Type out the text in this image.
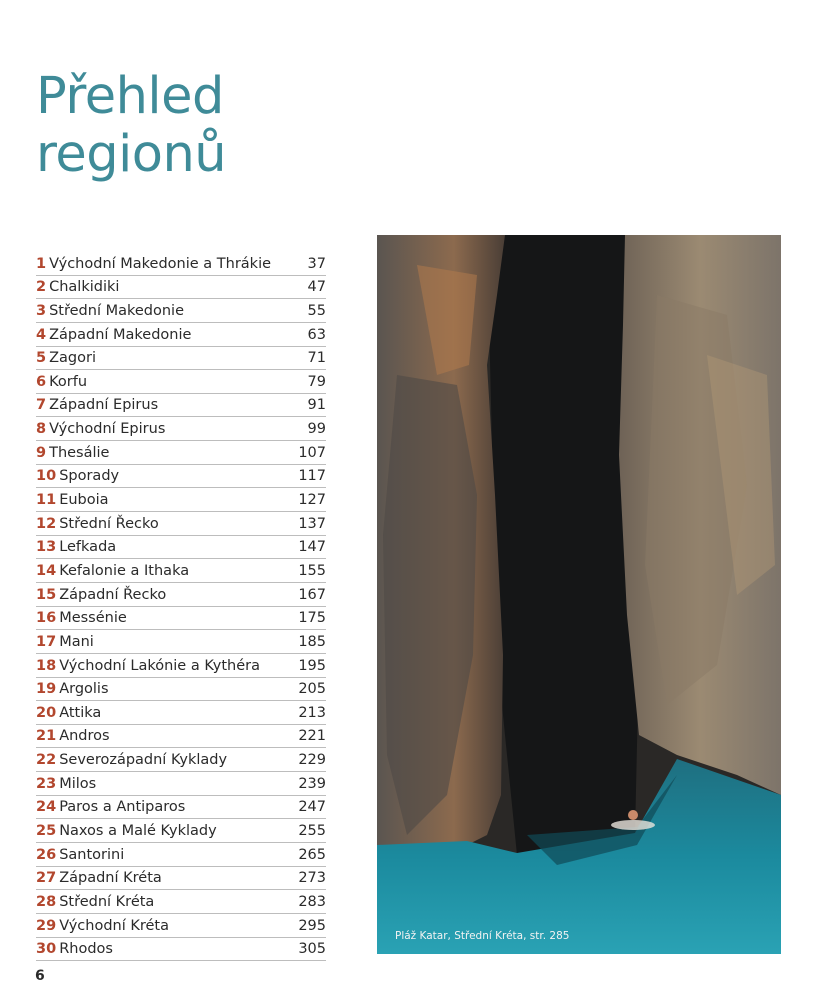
Přehled
regionů
1 Východní Makedonie a Thrákie	37
2 Chalkidiki	47
3 Střední Makedonie	55
4 Západní Makedonie	63
5 Zagori	71
6 Korfu	79
7 Západní Epirus	91
8 Východní Epirus	99
9 Thesálie	107
10 Sporady	117
11 Euboia	127
12 Střední Řecko	137
13 Lefkada	147
14 Kefalonie a Ithaka	155
15 Západní Řecko	167
16 Messénie	175
17 Mani	185
18 Východní Lakónie a Kythéra	195
19 Argolis	205
20 Attika	213
21 Andros	221
22 Severozápadní Kyklady	229
23 Milos	239
24 Paros a Antiparos	247
25 Naxos a Malé Kyklady	255
26 Santorini	265
27 Západní Kréta	273
28 Střední Kréta	283
29 Východní Kréta	295
30 Rhodos	305
Pláž Katar, Střední Kréta, str. 285
6
